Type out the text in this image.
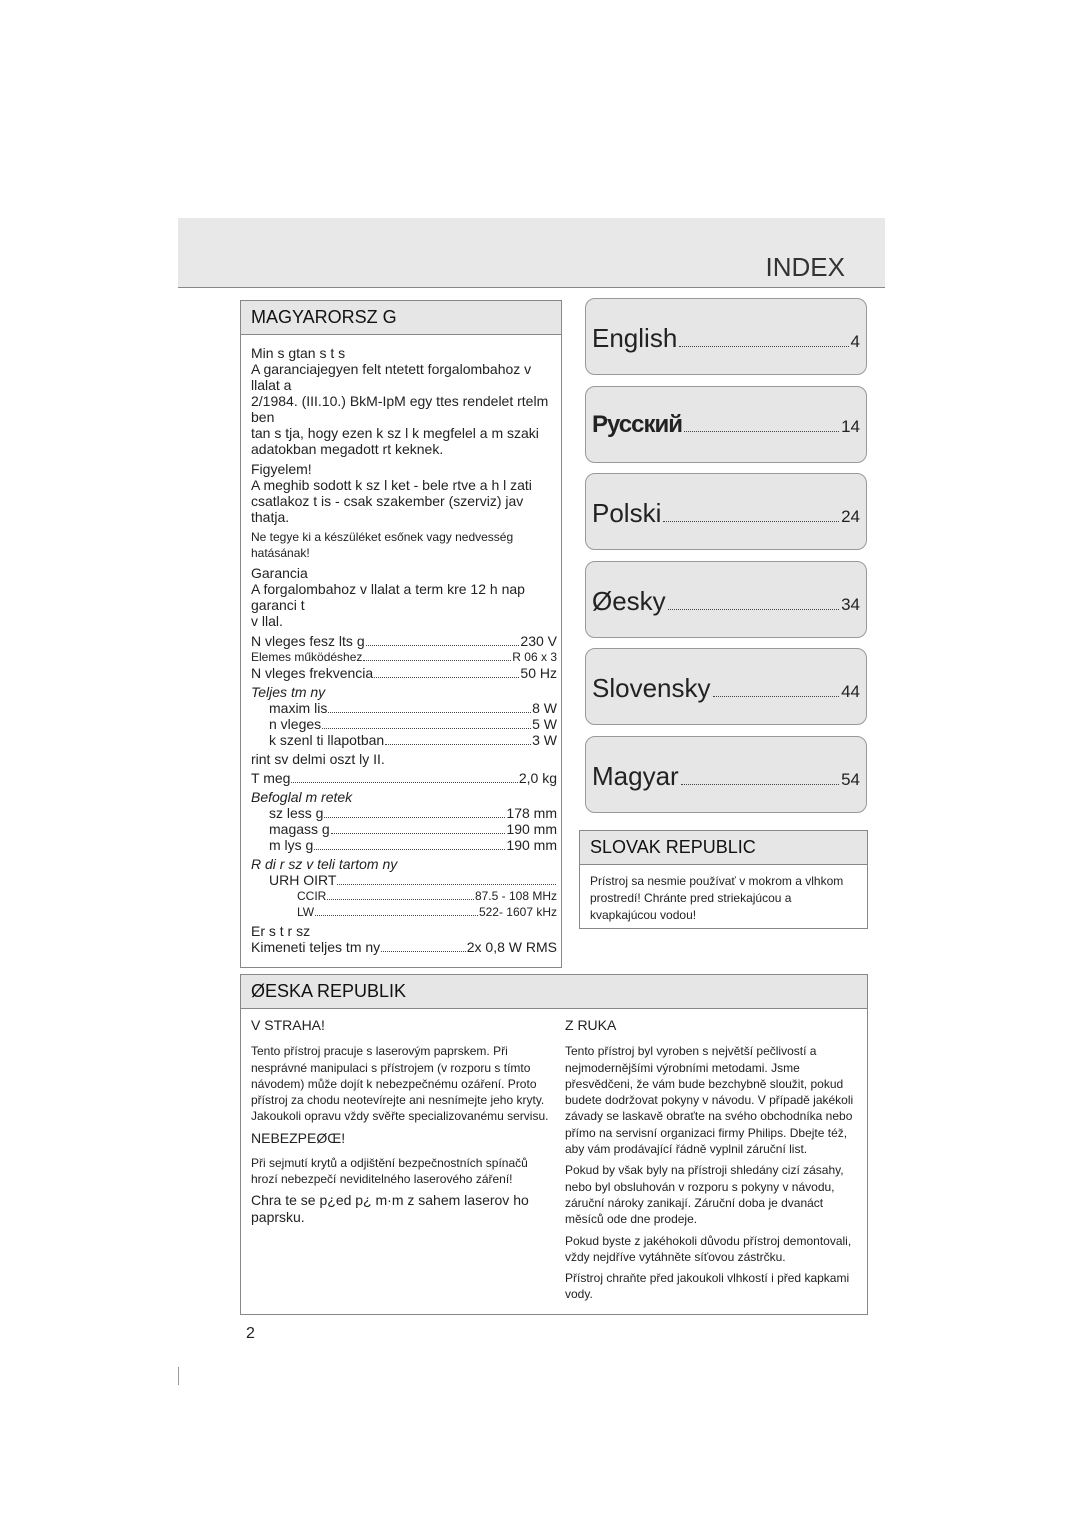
INDEX
English	4
Русский	14
Polski	24
Øesky	34
Slovensky	44
Magyar	54
MAGYARORSZ G
Min s gtan s t s
A garanciajegyen felt ntetett forgalombahoz v llalat a
2/1984. (III.10.) BkM-IpM egy ttes rendelet rtelm ben
tan s tja, hogy ezen k sz l k megfelel a m szaki
adatokban megadott rt keknek.
Figyelem!
A meghib sodott k sz l ket - bele rtve a h l zati
csatlakoz t is - csak szakember (szerviz) jav thatja.
Ne tegye ki a készüléket esőnek vagy nedvesség
hatásának!
Garancia
A forgalombahoz v llalat a term kre 12 h nap garanci t
v llal.
N vleges fesz lts g	230 V
Elemes működéshez	R 06 x 3
N vleges frekvencia	50 Hz
Teljes tm ny
maxim lis	8 W
n vleges	5 W
k szenl ti llapotban	3 W
rint sv delmi oszt ly II.
T meg	2,0 kg
Befoglal m retek
sz less g	178 mm
magass g	190 mm
m lys g	190 mm
R di r sz v teli tartom ny
URH OIRT
CCIR	87.5 - 108 MHz
LW	522- 1607 kHz
Er s t r sz
Kimeneti teljes tm ny	2x 0,8 W RMS
SLOVAK REPUBLIC
Prístroj sa nesmie používať v mokrom a vlhkom prostredí! Chránte pred striekajúcou a kvapkajúcou vodou!
ØESKA REPUBLIK
V STRAHA!

Tento přístroj pracuje s laserovým paprskem. Při nesprávné manipulaci s přístrojem (v rozporu s tímto návodem) může dojít k nebezpečnému ozáření. Proto přístroj za chodu neotevírejte ani nesnímejte jeho kryty. Jakoukoli opravu vždy svěřte specializovanému servisu.

NEBEZPEØŒ!

Při sejmutí krytů a odjištění bezpečnostních spínačů hrozí nebezpečí neviditelného laserového záření!

Chra te se p¿ed p¿ m·m z sahem laserov ho paprsku.
Z RUKA

Tento přístroj byl vyroben s největší pečlivostí a nejmodernějšími výrobními metodami. Jsme přesvědčeni, že vám bude bezchybně sloužit, pokud budete dodržovat pokyny v návodu. V případě jakékoli závady se laskavě obraťte na svého obchodníka nebo přímo na servisní organizaci firmy Philips. Dbejte též, aby vám prodávající řádně vyplnil záruční list.

Pokud by však byly na přístroji shledány cizí zásahy, nebo byl obsluhován v rozporu s pokyny v návodu, záruční nároky zanikají. Záruční doba je dvanáct měsíců ode dne prodeje.

Pokud byste z jakéhokoli důvodu přístroj demontovali, vždy nejdříve vytáhněte síťovou zástrčku.

Přístroj chraňte před jakoukoli vlhkostí i před kapkami vody.

2
